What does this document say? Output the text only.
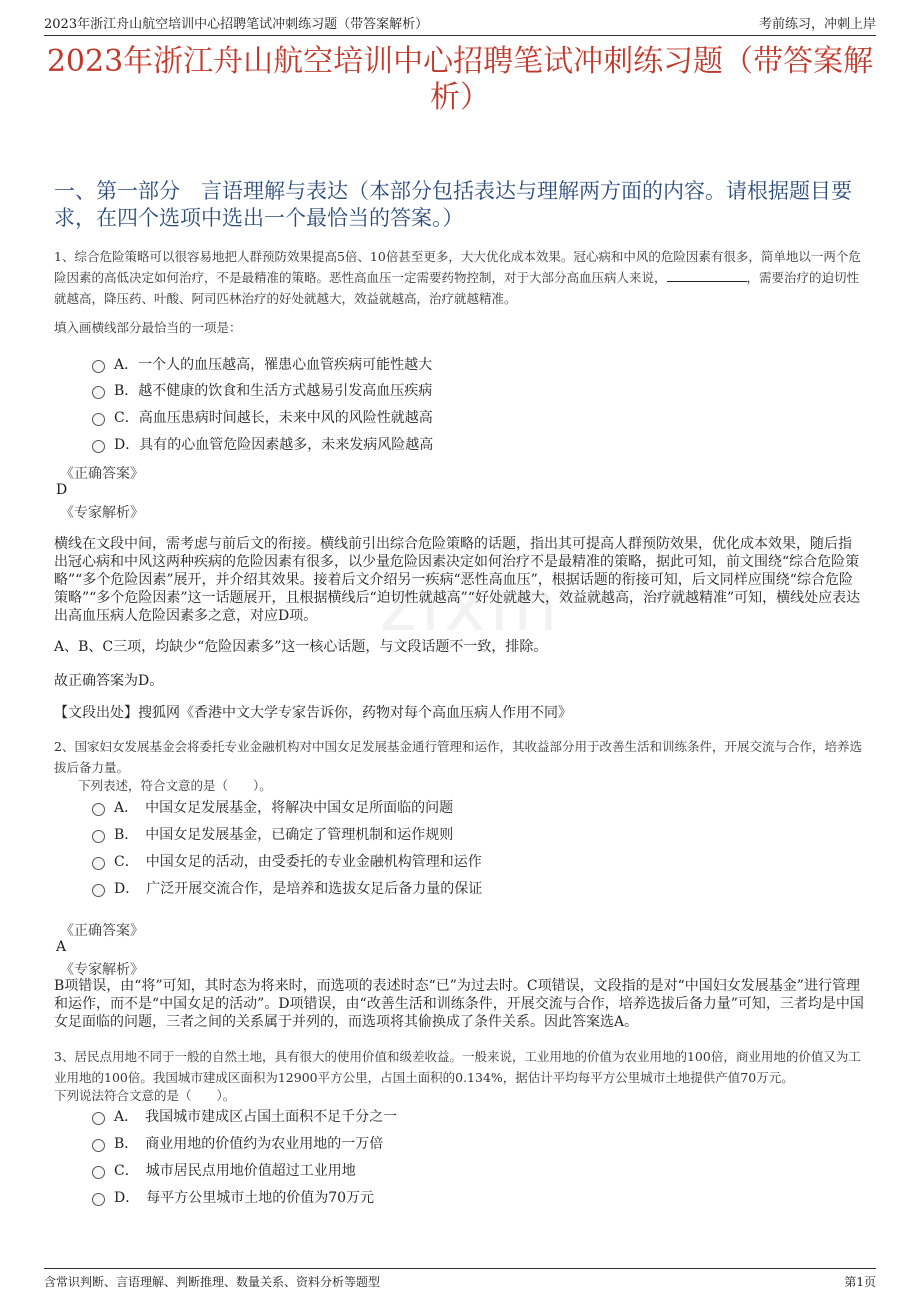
2023年浙江舟山航空培训中心招聘笔试冲刺练习题（带答案解析）	考前练习，冲刺上岸
zixin
2023年浙江舟山航空培训中心招聘笔试冲刺练习题（带答案解析）
一、第一部分　言语理解与表达（本部分包括表达与理解两方面的内容。请根据题目要求，在四个选项中选出一个最恰当的答案。）

1、综合危险策略可以很容易地把人群预防效果提高5倍、10倍甚至更多，大大优化成本效果。冠心病和中风的危险因素有很多，简单地以一两个危险因素的高低决定如何治疗，不是最精准的策略。恶性高血压一定需要药物控制，对于大部分高血压病人来说，	，需要治疗的迫切性就越高，降压药、叶酸、阿司匹林治疗的好处就越大，效益就越高，治疗就越精准。

填入画横线部分最恰当的一项是：

A．一个人的血压越高，罹患心血管疾病可能性越大
B．越不健康的饮食和生活方式越易引发高血压疾病
C．高血压患病时间越长，未来中风的风险性就越高
D．具有的心血管危险因素越多，未来发病风险越高
《正确答案》
D
《专家解析》

横线在文段中间，需考虑与前后文的衔接。横线前引出综合危险策略的话题，指出其可提高人群预防效果，优化成本效果，随后指出冠心病和中风这两种疾病的危险因素有很多，以少量危险因素决定如何治疗不是最精准的策略，据此可知，前文围绕“综合危险策略”“多个危险因素”展开，并介绍其效果。接着后文介绍另一疾病“恶性高血压”，根据话题的衔接可知，后文同样应围绕“综合危险策略”“多个危险因素”这一话题展开，且根据横线后“迫切性就越高”“好处就越大，效益就越高，治疗就越精准”可知，横线处应表达出高血压病人危险因素多之意，对应D项。

A、B、C三项，均缺少“危险因素多”这一核心话题，与文段话题不一致，排除。

故正确答案为D。

【文段出处】搜狐网《香港中文大学专家告诉你，药物对每个高血压病人作用不同》

2、国家妇女发展基金会将委托专业金融机构对中国女足发展基金通行管理和运作，其收益部分用于改善生活和训练条件，开展交流与合作，培养选拔后备力量。

下列表述，符合文意的是（　　）。

A．　中国女足发展基金，将解决中国女足所面临的问题
B．　中国女足发展基金，已确定了管理机制和运作规则
C．　中国女足的活动，由受委托的专业金融机构管理和运作
D．　广泛开展交流合作，是培养和选拔女足后备力量的保证
《正确答案》
A
《专家解析》

B项错误，由“将”可知，其时态为将来时，而选项的表述时态“已”为过去时。C项错误，文段指的是对“中国妇女发展基金”进行管理和运作，而不是“中国女足的活动”。D项错误，由“改善生活和训练条件，开展交流与合作，培养选拔后备力量”可知，三者均是中国女足面临的问题，三者之间的关系属于并列的，而选项将其偷换成了条件关系。因此答案选A。

3、居民点用地不同于一般的自然土地，具有很大的使用价值和级差收益。一般来说，工业用地的价值为农业用地的100倍，商业用地的价值又为工业用地的100倍。我国城市建成区面积为12900平方公里，占国土面积的0.134%，据估计平均每平方公里城市土地提供产值70万元。

下列说法符合文意的是（　　）。

A．　我国城市建成区占国土面积不足千分之一
B．　商业用地的价值约为农业用地的一万倍
C．　城市居民点用地价值超过工业用地
D．　每平方公里城市土地的价值为70万元
含常识判断、言语理解、判断推理、数量关系、资料分析等题型	第1页
